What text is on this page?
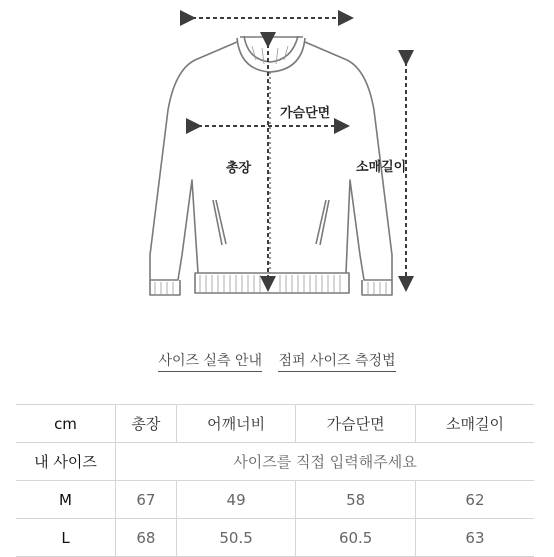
가슴단면
총장	소매길이
사이즈 실측 안내 점퍼 사이즈 측정법
cm	총장	어깨너비	가슴단면	소매길이
내 사이즈	사이즈를 직접 입력해주세요			
M	67	49	58	62
L	68	50.5	60.5	63
